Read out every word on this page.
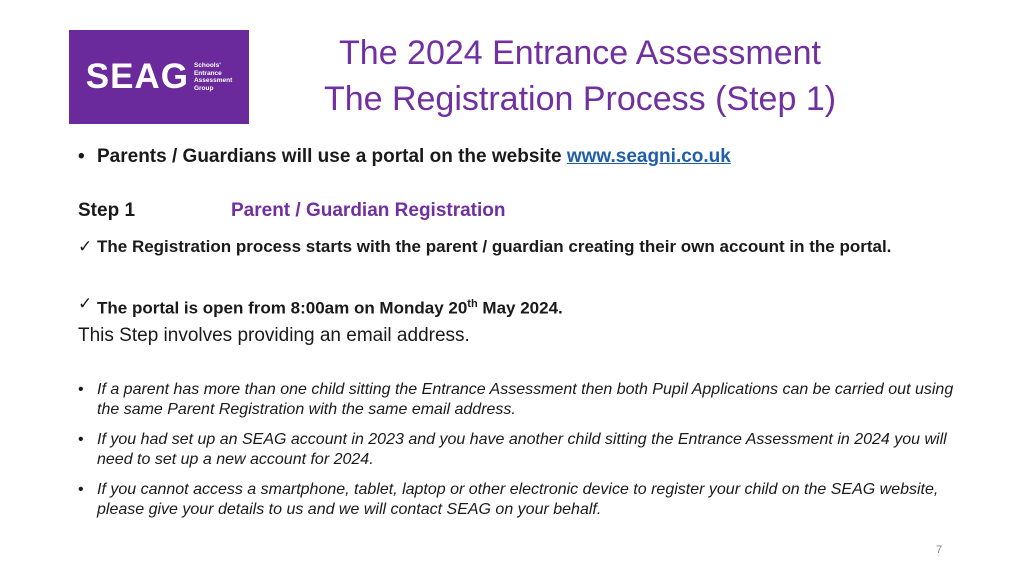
SEAG Schools'
Entrance
Assessment
Group
The 2024 Entrance Assessment
The Registration Process (Step 1)
• Parents / Guardians will use a portal on the website www.seagni.co.uk
Step 1	Parent / Guardian Registration
✓ The Registration process starts with the parent / guardian creating their own account in the portal.
✓ The portal is open from 8:00am on Monday 20th May 2024.
This Step involves providing an email address.
• If a parent has more than one child sitting the Entrance Assessment then both Pupil Applications can be carried out using the same Parent Registration with the same email address.
• If you had set up an SEAG account in 2023 and you have another child sitting the Entrance Assessment in 2024 you will need to set up a new account for 2024.
• If you cannot access a smartphone, tablet, laptop or other electronic device to register your child on the SEAG website, please give your details to us and we will contact SEAG on your behalf.
7
